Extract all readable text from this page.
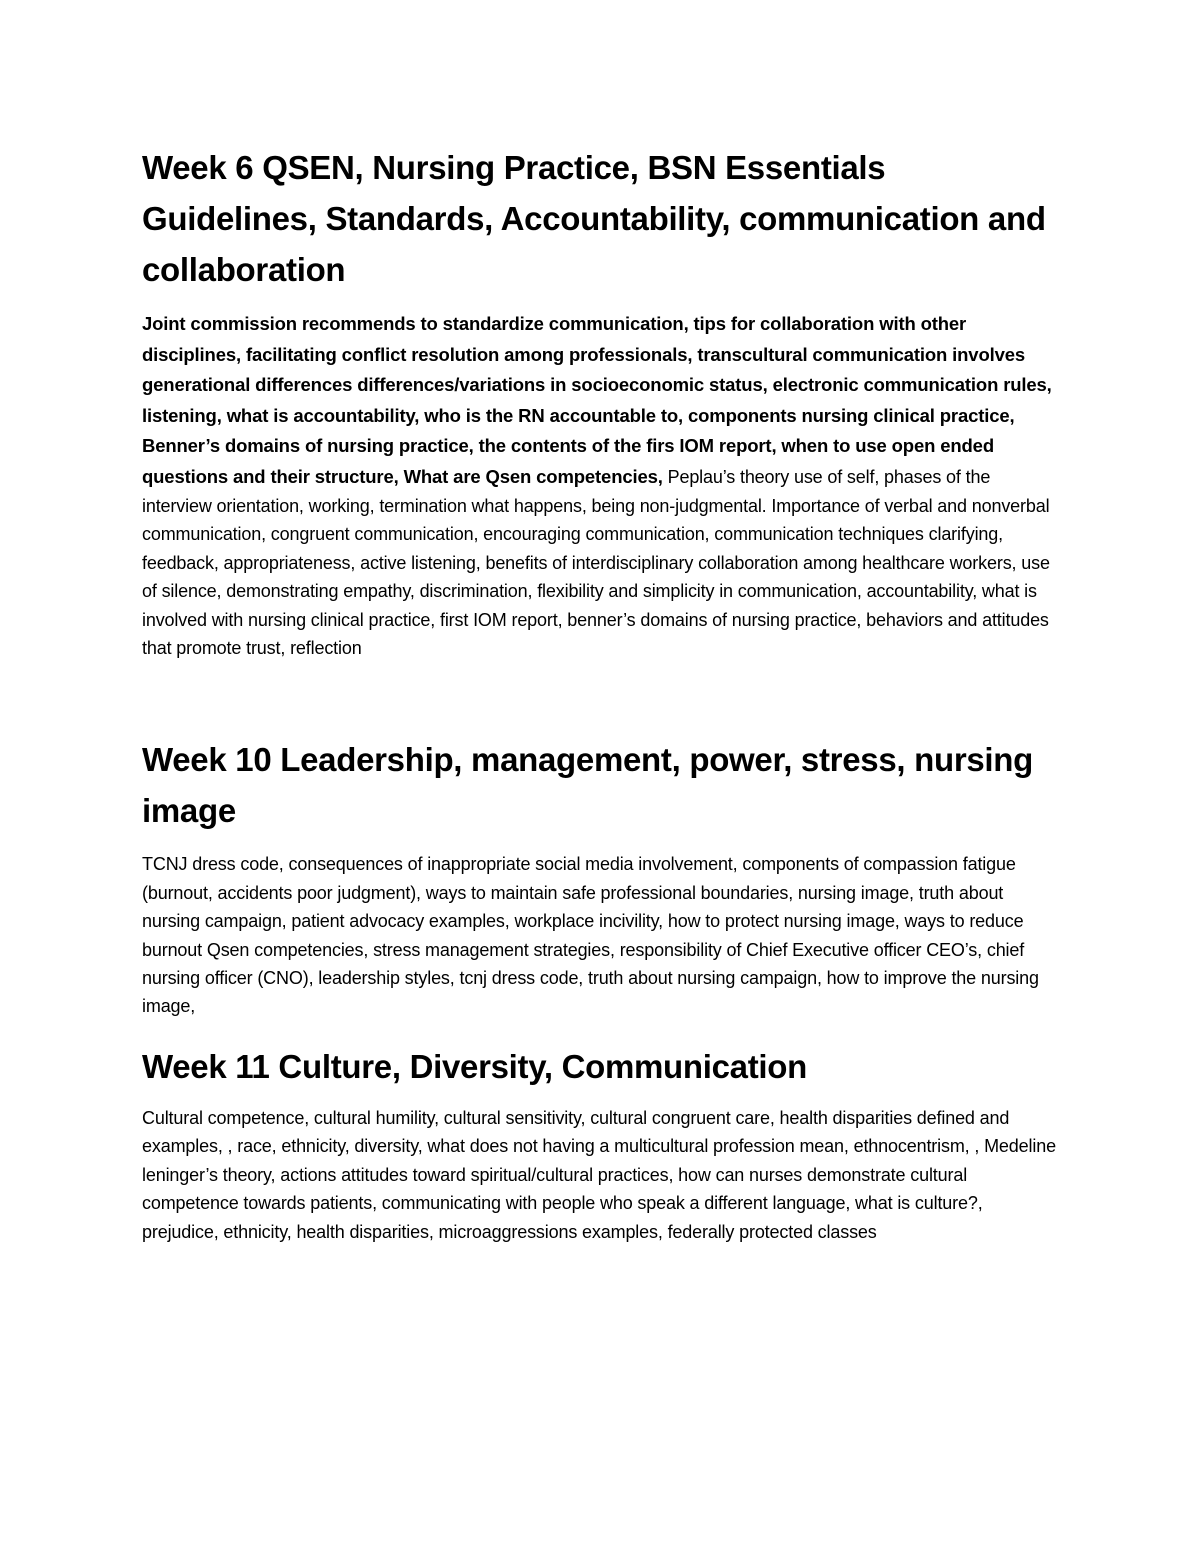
Week 6 QSEN, Nursing Practice, BSN Essentials Guidelines, Standards, Accountability, communication and collaboration

Joint commission recommends to standardize communication, tips for collaboration with other disciplines, facilitating conflict resolution among professionals, transcultural communication involves generational differences differences/variations in socioeconomic status, electronic communication rules, listening, what is accountability, who is the RN accountable to, components nursing clinical practice, Benner’s domains of nursing practice, the contents of the firs IOM report, when to use open ended questions and their structure, What are Qsen competencies, Peplau’s theory use of self, phases of the interview orientation, working, termination what happens, being non-judgmental. Importance of verbal and nonverbal communication, congruent communication, encouraging communication, communication techniques clarifying, feedback, appropriateness, active listening, benefits of interdisciplinary collaboration among healthcare workers, use of silence, demonstrating empathy, discrimination, flexibility and simplicity in communication, accountability, what is involved with nursing clinical practice, first IOM report, benner’s domains of nursing practice, behaviors and attitudes that promote trust, reflection

Week 10 Leadership, management, power, stress, nursing image

TCNJ dress code, consequences of inappropriate social media involvement, components of compassion fatigue (burnout, accidents poor judgment), ways to maintain safe professional boundaries, nursing image, truth about nursing campaign, patient advocacy examples, workplace incivility, how to protect nursing image, ways to reduce burnout Qsen competencies, stress management strategies, responsibility of Chief Executive officer CEO’s, chief nursing officer (CNO), leadership styles, tcnj dress code, truth about nursing campaign, how to improve the nursing image,

Week 11 Culture, Diversity, Communication

Cultural competence, cultural humility, cultural sensitivity, cultural congruent care, health disparities defined and examples, , race, ethnicity, diversity, what does not having a multicultural profession mean, ethnocentrism, , Medeline leninger’s theory, actions attitudes toward spiritual/cultural practices, how can nurses demonstrate cultural competence towards patients, communicating with people who speak a different language, what is culture?, prejudice, ethnicity, health disparities, microaggressions examples, federally protected classes
